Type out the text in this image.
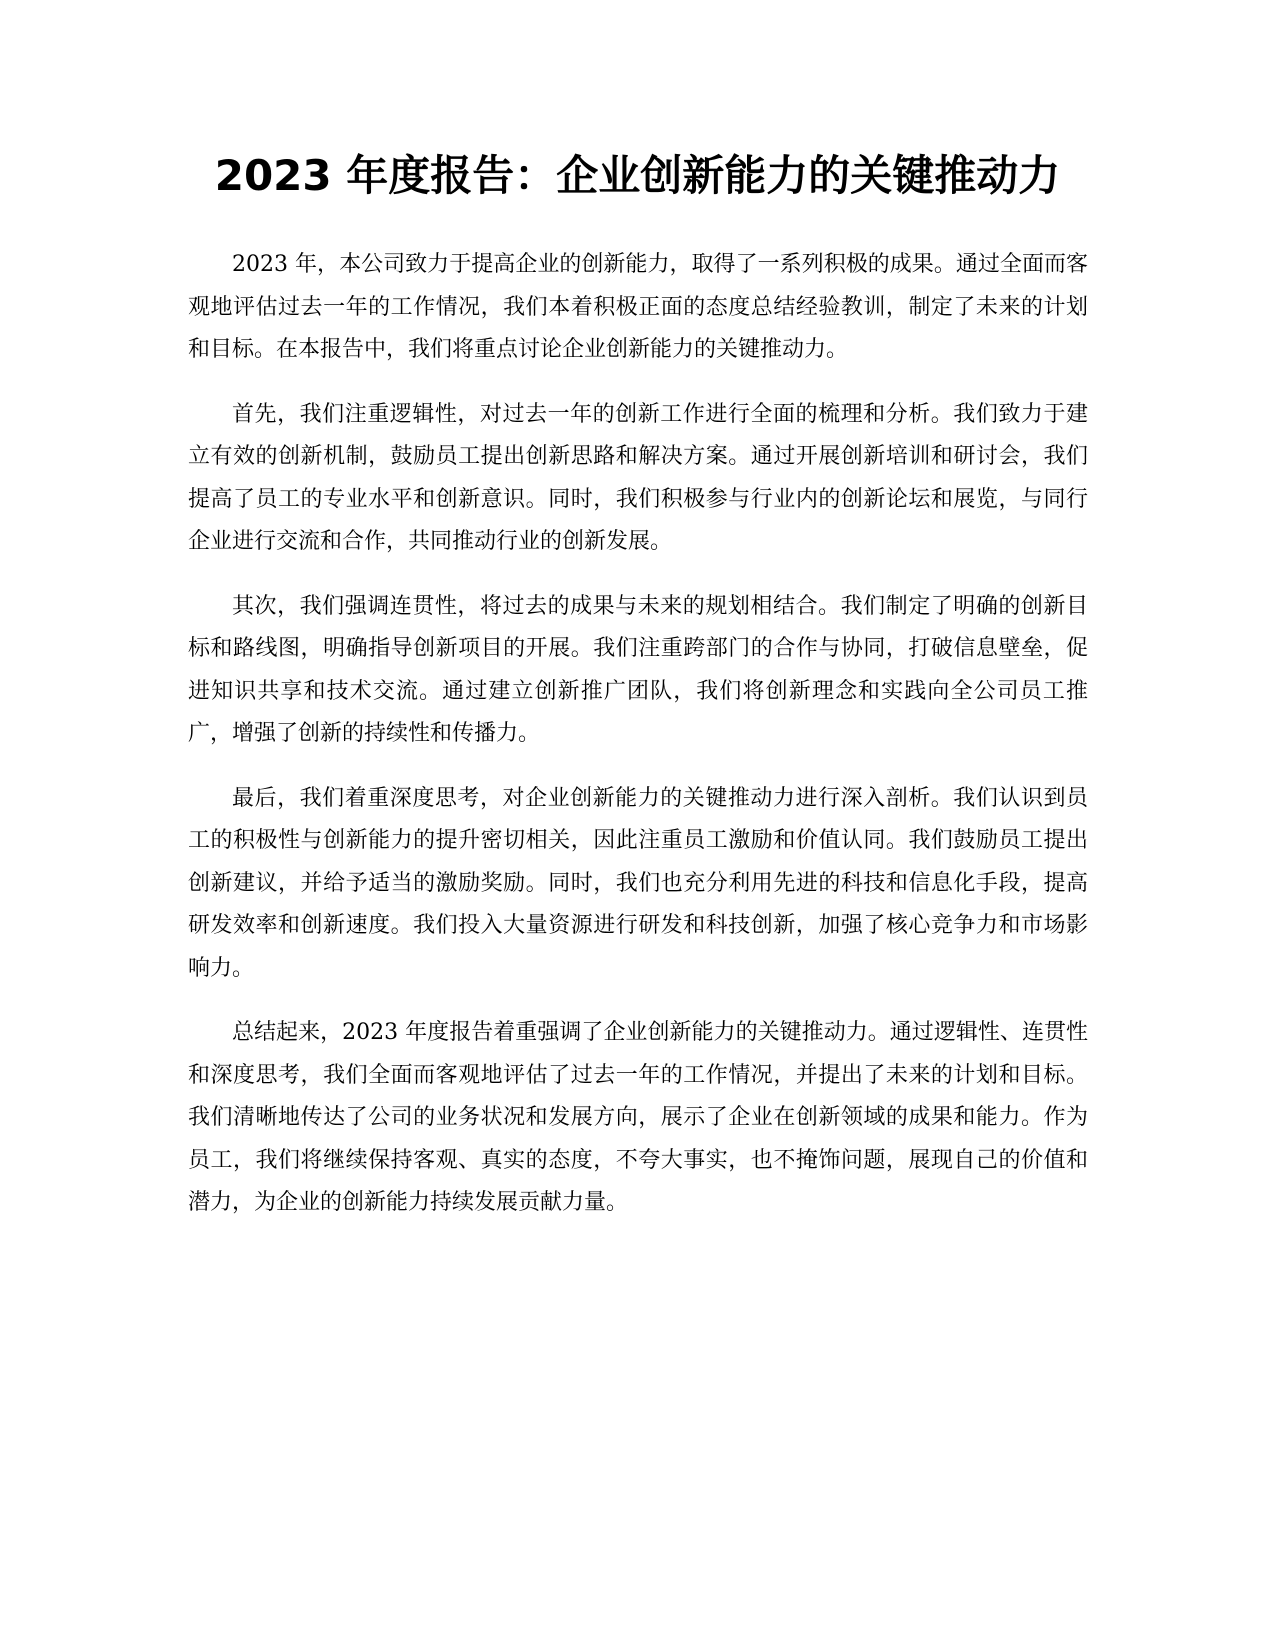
2023 年度报告：企业创新能力的关键推动力

2023 年，本公司致力于提高企业的创新能力，取得了一系列积极的成果。通过全面而客观地评估过去一年的工作情况，我们本着积极正面的态度总结经验教训，制定了未来的计划和目标。在本报告中，我们将重点讨论企业创新能力的关键推动力。

首先，我们注重逻辑性，对过去一年的创新工作进行全面的梳理和分析。我们致力于建立有效的创新机制，鼓励员工提出创新思路和解决方案。通过开展创新培训和研讨会，我们提高了员工的专业水平和创新意识。同时，我们积极参与行业内的创新论坛和展览，与同行企业进行交流和合作，共同推动行业的创新发展。

其次，我们强调连贯性，将过去的成果与未来的规划相结合。我们制定了明确的创新目标和路线图，明确指导创新项目的开展。我们注重跨部门的合作与协同，打破信息壁垒，促进知识共享和技术交流。通过建立创新推广团队，我们将创新理念和实践向全公司员工推广，增强了创新的持续性和传播力。

最后，我们着重深度思考，对企业创新能力的关键推动力进行深入剖析。我们认识到员工的积极性与创新能力的提升密切相关，因此注重员工激励和价值认同。我们鼓励员工提出创新建议，并给予适当的激励奖励。同时，我们也充分利用先进的科技和信息化手段，提高研发效率和创新速度。我们投入大量资源进行研发和科技创新，加强了核心竞争力和市场影响力。

总结起来，2023 年度报告着重强调了企业创新能力的关键推动力。通过逻辑性、连贯性和深度思考，我们全面而客观地评估了过去一年的工作情况，并提出了未来的计划和目标。我们清晰地传达了公司的业务状况和发展方向，展示了企业在创新领域的成果和能力。作为员工，我们将继续保持客观、真实的态度，不夸大事实，也不掩饰问题，展现自己的价值和潜力，为企业的创新能力持续发展贡献力量。
